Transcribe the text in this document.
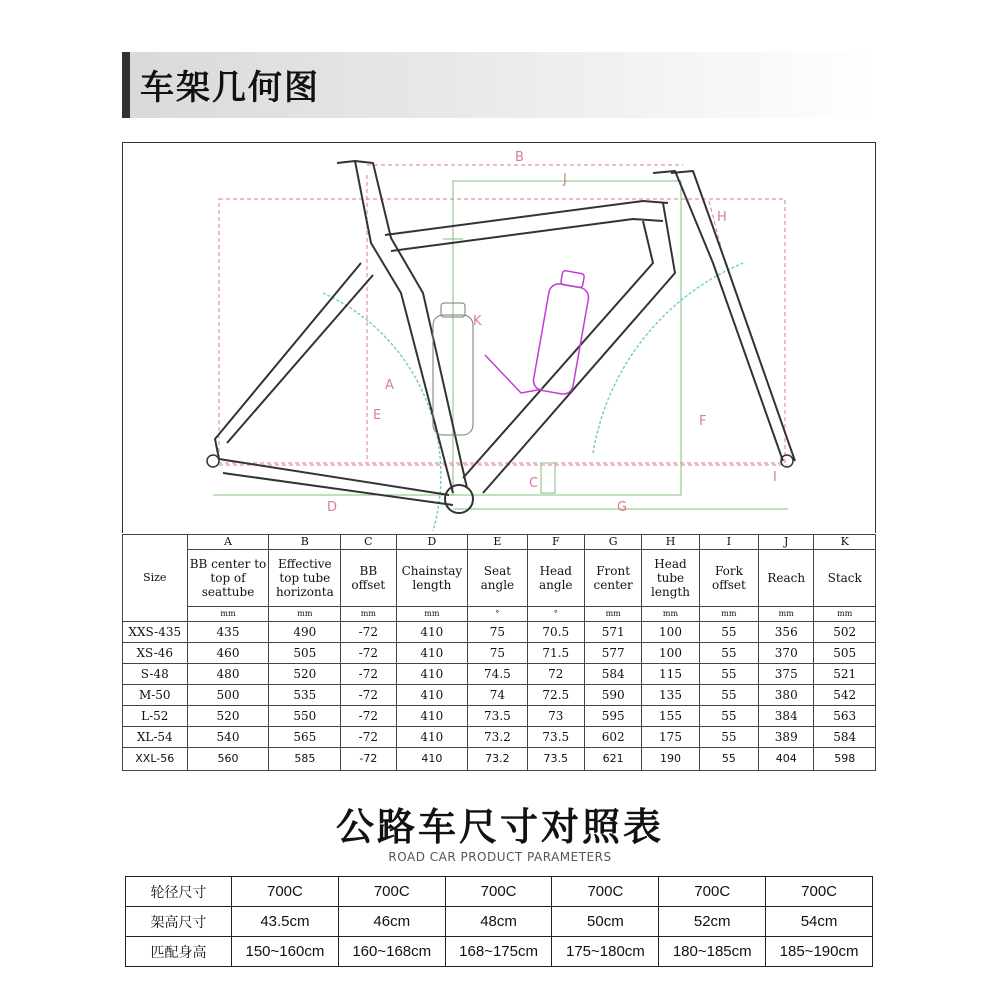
车架几何图
B
J
H
K
A
E	F
I
C
D	G
Size	A	B	C	D	E	F	G	H	I	J	K
	BB center to top of seattube	Effective top tube horizonta	BB offset	Chainstay length	Seat angle	Head angle	Front center	Head tube length	Fork offset	Reach	Stack
	mm	mm	mm	mm	°	°	mm	mm	mm	mm	mm
XXS-435	435	490	-72	410	75	70.5	571	100	55	356	502
XS-46	460	505	-72	410	75	71.5	577	100	55	370	505
S-48	480	520	-72	410	74.5	72	584	115	55	375	521
M-50	500	535	-72	410	74	72.5	590	135	55	380	542
L-52	520	550	-72	410	73.5	73	595	155	55	384	563
XL-54	540	565	-72	410	73.2	73.5	602	175	55	389	584
XXL-56	560	585	-72	410	73.2	73.5	621	190	55	404	598
公路车尺寸对照表
ROAD CAR PRODUCT PARAMETERS
轮径尺寸	700C	700C	700C	700C	700C	700C
架高尺寸	43.5cm	46cm	48cm	50cm	52cm	54cm
匹配身高	150~160cm	160~168cm	168~175cm	175~180cm	180~185cm	185~190cm
